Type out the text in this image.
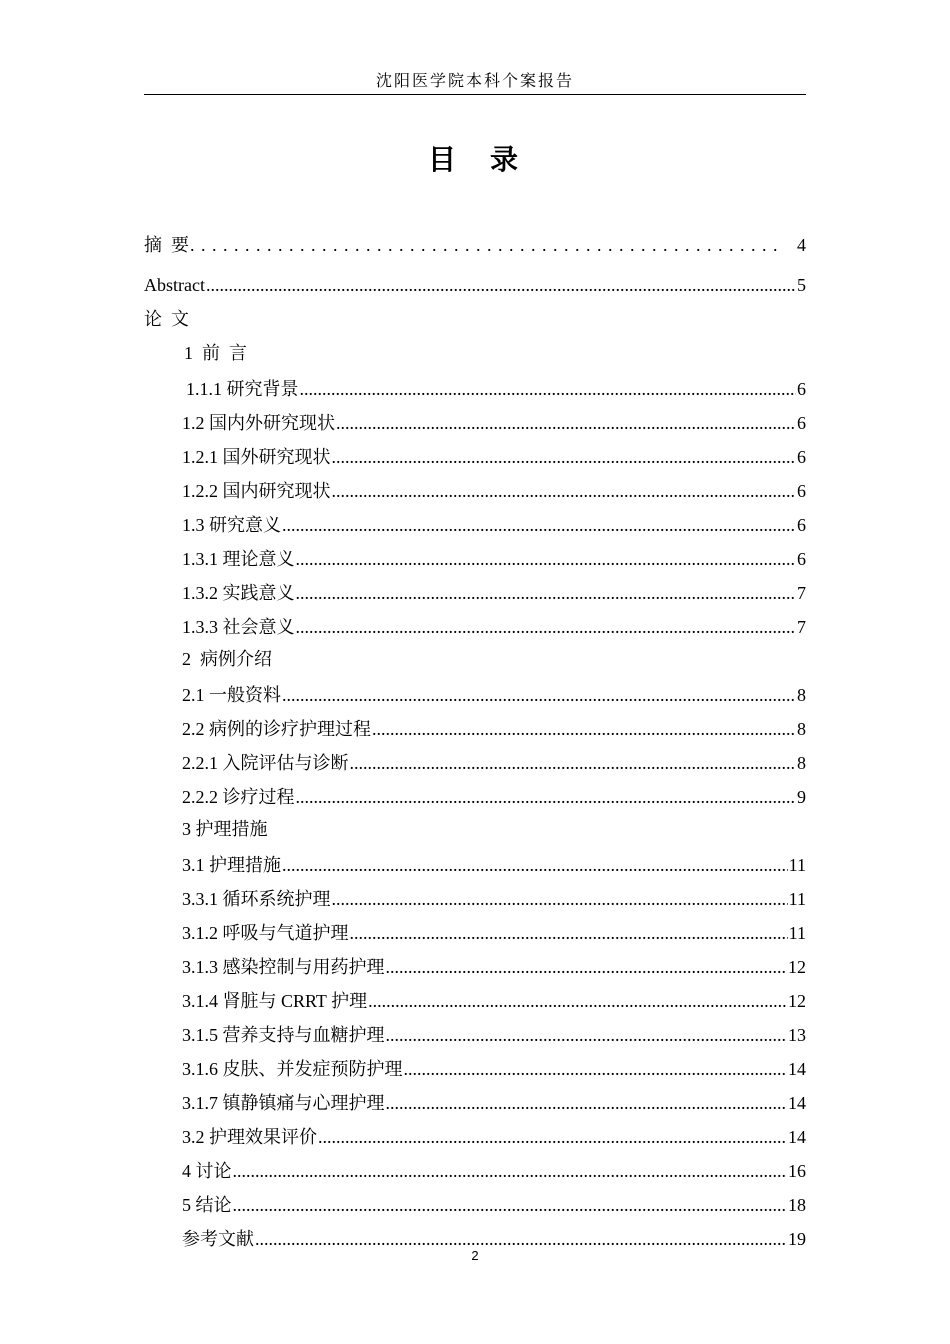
沈阳医学院本科个案报告
目 录
摘  要 . . .	4
Abstract .....	5
论  文
1  前  言
1.1.1 研究背景 .....	6
1.2 国内外研究现状 .....	6
1.2.1 国外研究现状 .....	6
1.2.2 国内研究现状 .....	6
1.3 研究意义 .....	6
1.3.1 理论意义 .....	6
1.3.2 实践意义 .....	7
1.3.3 社会意义 .....	7
2  病例介绍
2.1 一般资料 .....	8
2.2 病例的诊疗护理过程 .....	8
2.2.1 入院评估与诊断 .....	8
2.2.2 诊疗过程 .....	9
3 护理措施
3.1 护理措施 .....	11
3.3.1 循环系统护理 .....	11
3.1.2 呼吸与气道护理 .....	11
3.1.3 感染控制与用药护理 .....	12
3.1.4 肾脏与 CRRT 护理 .....	12
3.1.5 营养支持与血糖护理 .....	13
3.1.6 皮肤、并发症预防护理 .....	14
3.1.7 镇静镇痛与心理护理 .....	14
3.2 护理效果评价 .....	14
4 讨论 .....	16
5 结论 .....	18
参考文献 .....	19
2
